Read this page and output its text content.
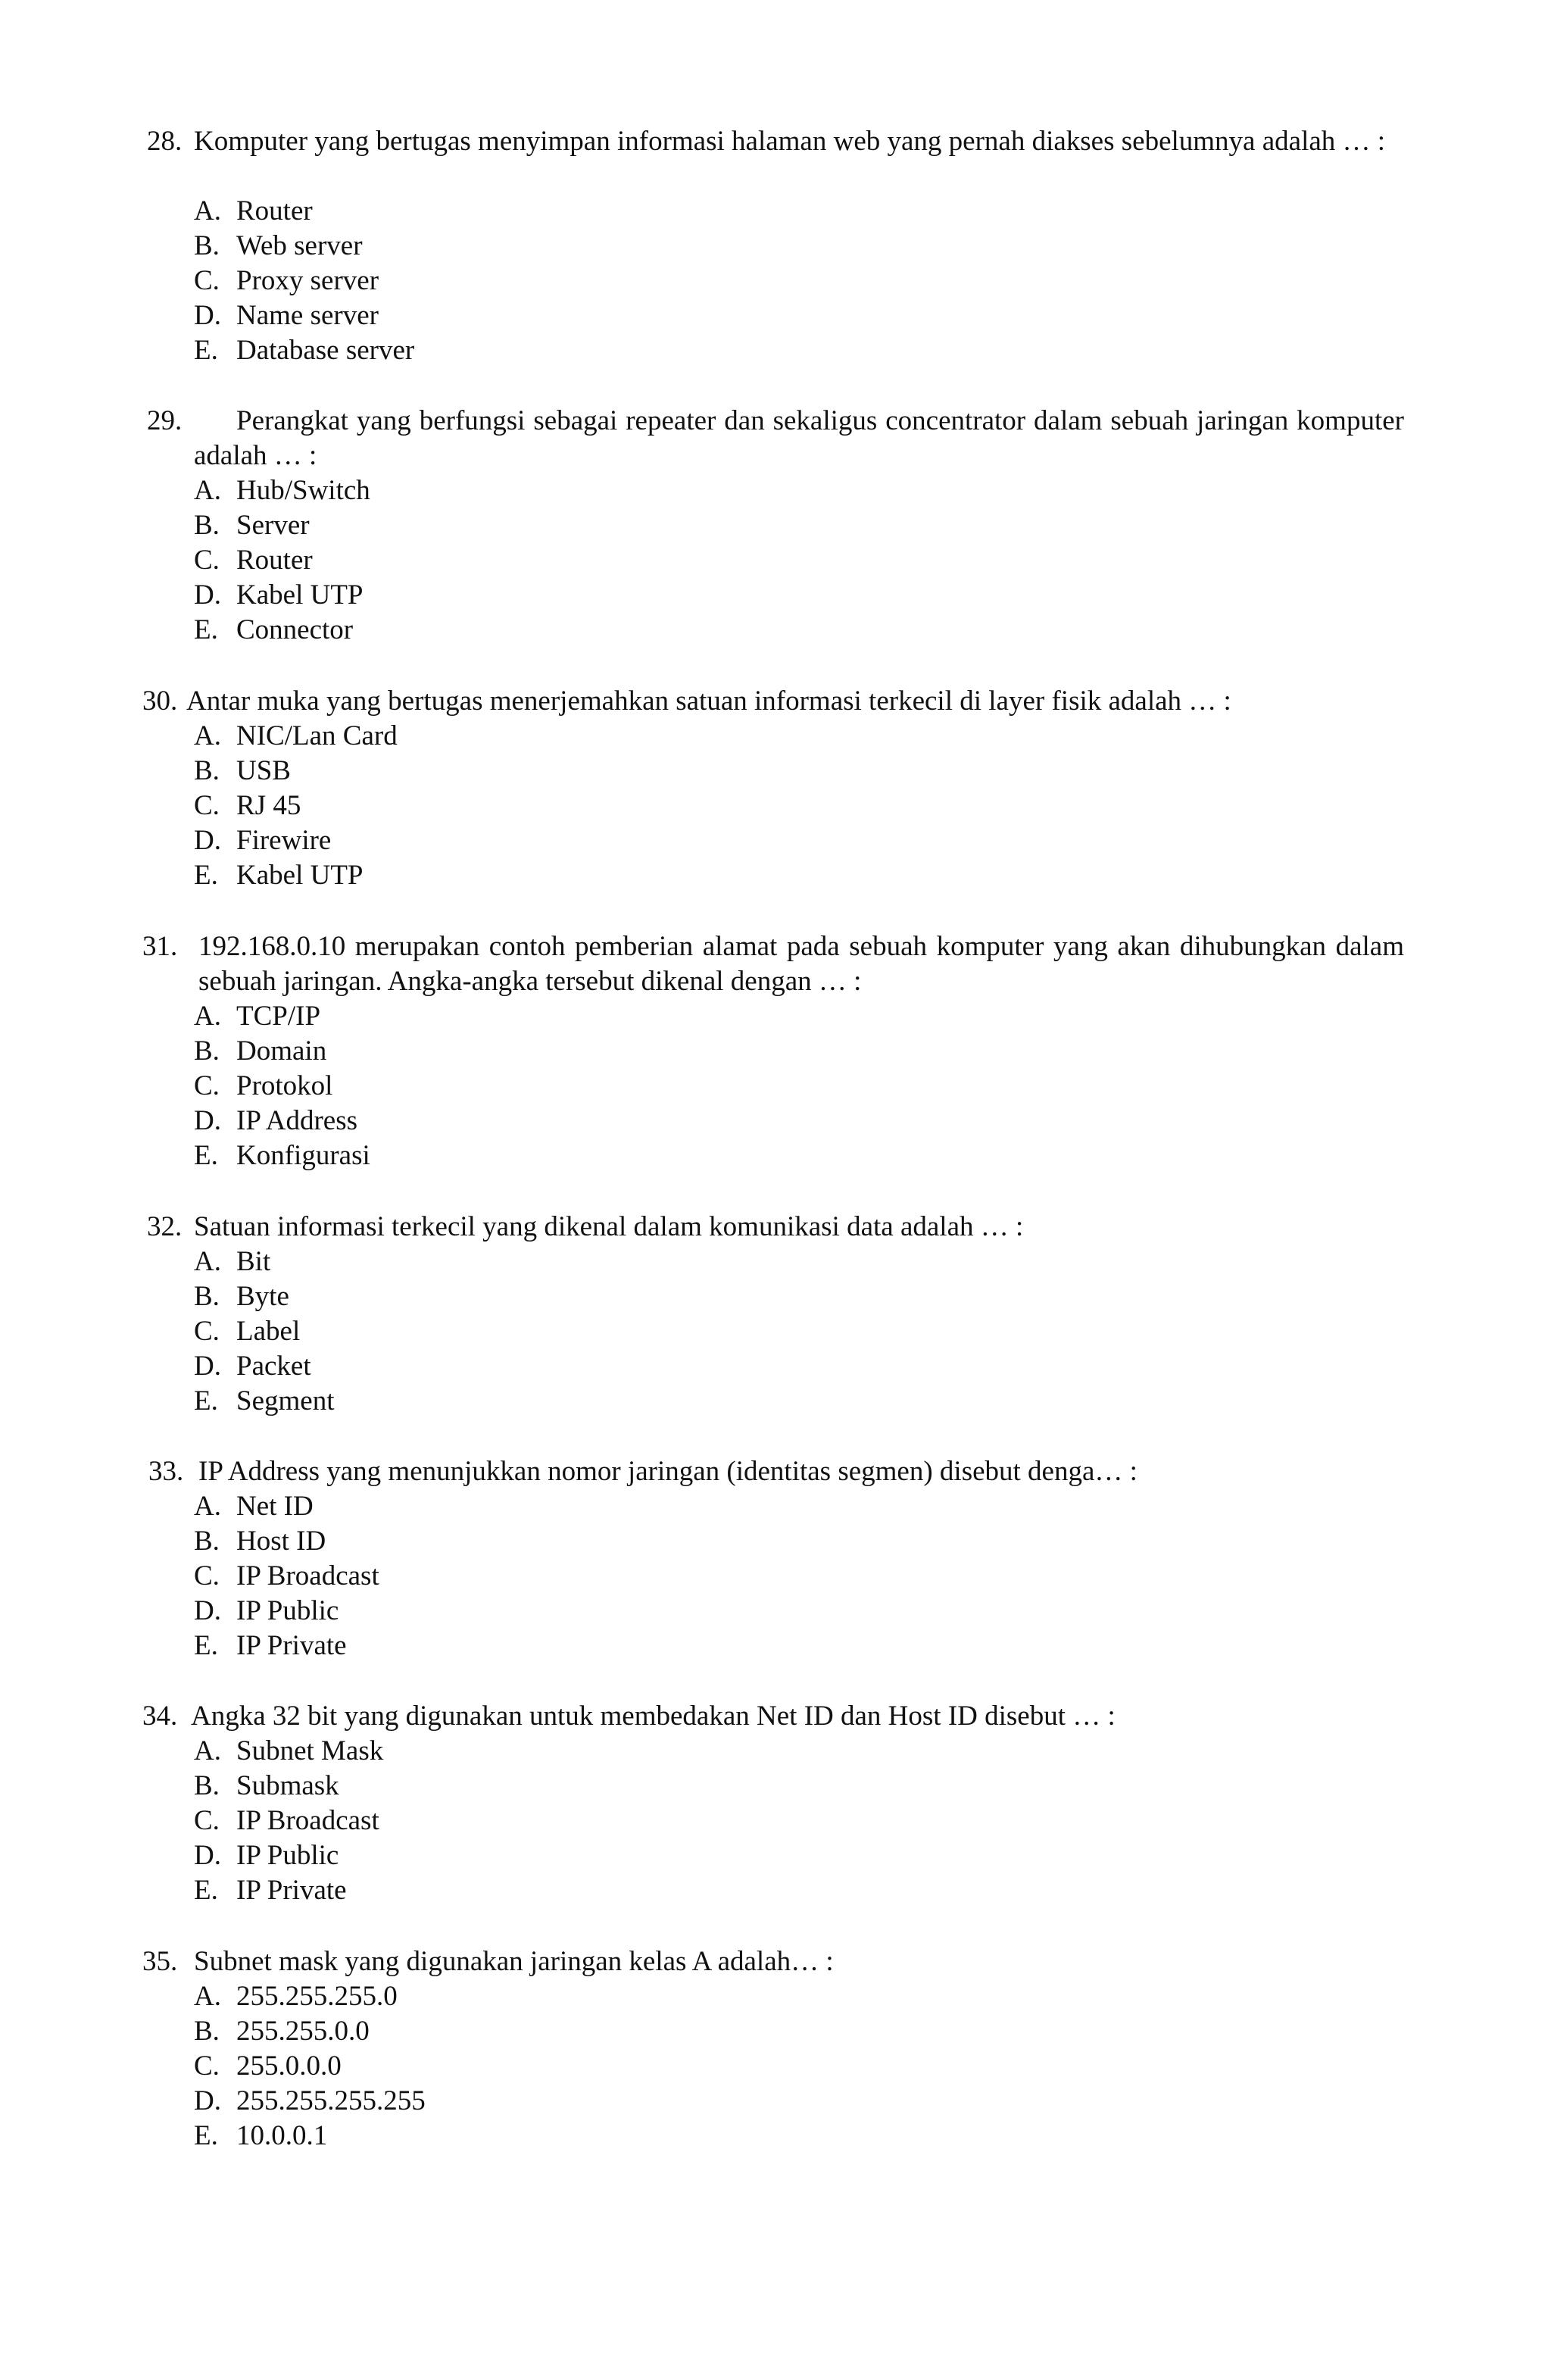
28. Komputer yang bertugas menyimpan informasi halaman web yang pernah diakses sebelumnya adalah … :
A. Router
B. Web server
C. Proxy server
D. Name server
E. Database server
29.	Perangkat yang berfungsi sebagai repeater dan sekaligus concentrator dalam sebuah jaringan komputer adalah … :
A. Hub/Switch
B. Server
C. Router
D. Kabel UTP
E. Connector
30. Antar muka yang bertugas menerjemahkan satuan informasi terkecil di layer fisik adalah … :
A. NIC/Lan Card
B. USB
C. RJ 45
D. Firewire
E. Kabel UTP
31. 192.168.0.10 merupakan contoh pemberian alamat pada sebuah komputer yang akan dihubungkan dalam sebuah jaringan. Angka-angka tersebut dikenal dengan … :
A. TCP/IP
B. Domain
C. Protokol
D. IP Address
E. Konfigurasi
32. Satuan informasi terkecil yang dikenal dalam komunikasi data adalah … :
A. Bit
B. Byte
C. Label
D. Packet
E. Segment
33. IP Address yang menunjukkan nomor jaringan (identitas segmen) disebut denga… :
A. Net ID
B. Host ID
C. IP Broadcast
D. IP Public
E. IP Private
34. Angka 32 bit yang digunakan untuk membedakan Net ID dan Host ID disebut … :
A. Subnet Mask
B. Submask
C. IP Broadcast
D. IP Public
E. IP Private
35. Subnet mask yang digunakan jaringan kelas A adalah… :
A. 255.255.255.0
B. 255.255.0.0
C. 255.0.0.0
D. 255.255.255.255
E. 10.0.0.1
